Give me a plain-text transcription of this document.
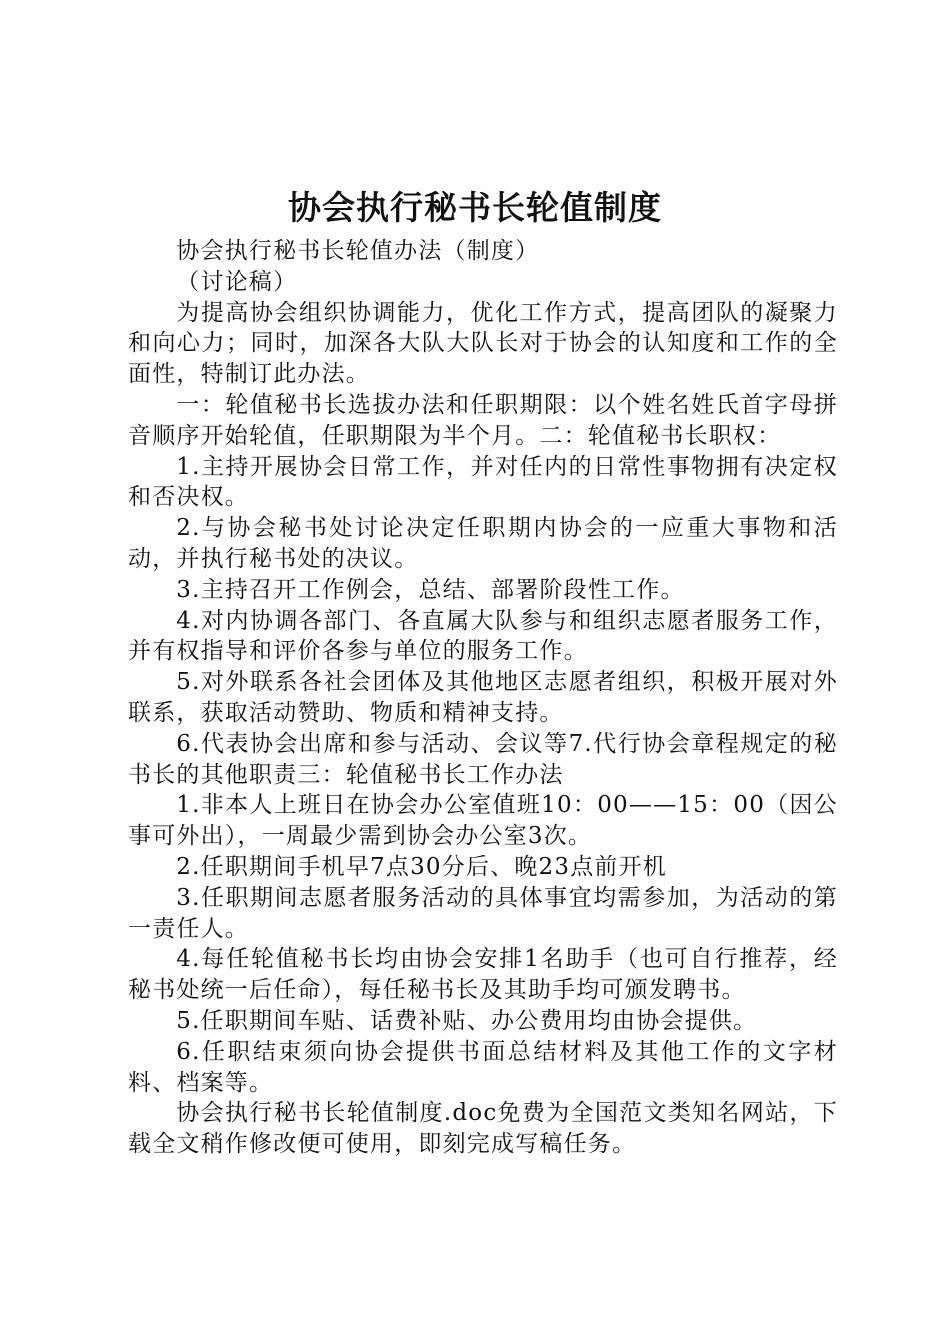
协会执行秘书长轮值制度

协会执行秘书长轮值办法（制度）

（讨论稿）

为提高协会组织协调能力，优化工作方式，提高团队的凝聚力和向心力；同时，加深各大队大队长对于协会的认知度和工作的全面性，特制订此办法。

一：轮值秘书长选拔办法和任职期限：以个姓名姓氏首字母拼音顺序开始轮值，任职期限为半个月。二：轮值秘书长职权：

1.主持开展协会日常工作，并对任内的日常性事物拥有决定权和否决权。

2.与协会秘书处讨论决定任职期内协会的一应重大事物和活动，并执行秘书处的决议。

3.主持召开工作例会，总结、部署阶段性工作。

4.对内协调各部门、各直属大队参与和组织志愿者服务工作，并有权指导和评价各参与单位的服务工作。

5.对外联系各社会团体及其他地区志愿者组织，积极开展对外联系，获取活动赞助、物质和精神支持。

6.代表协会出席和参与活动、会议等7.代行协会章程规定的秘书长的其他职责三：轮值秘书长工作办法

1.非本人上班日在协会办公室值班10：00——15：00（因公事可外出），一周最少需到协会办公室3次。

2.任职期间手机早7点30分后、晚23点前开机

3.任职期间志愿者服务活动的具体事宜均需参加，为活动的第一责任人。

4.每任轮值秘书长均由协会安排1名助手（也可自行推荐，经秘书处统一后任命），每任秘书长及其助手均可颁发聘书。

5.任职期间车贴、话费补贴、办公费用均由协会提供。

6.任职结束须向协会提供书面总结材料及其他工作的文字材料、档案等。

协会执行秘书长轮值制度.doc免费为全国范文类知名网站，下载全文稍作修改便可使用，即刻完成写稿任务。
